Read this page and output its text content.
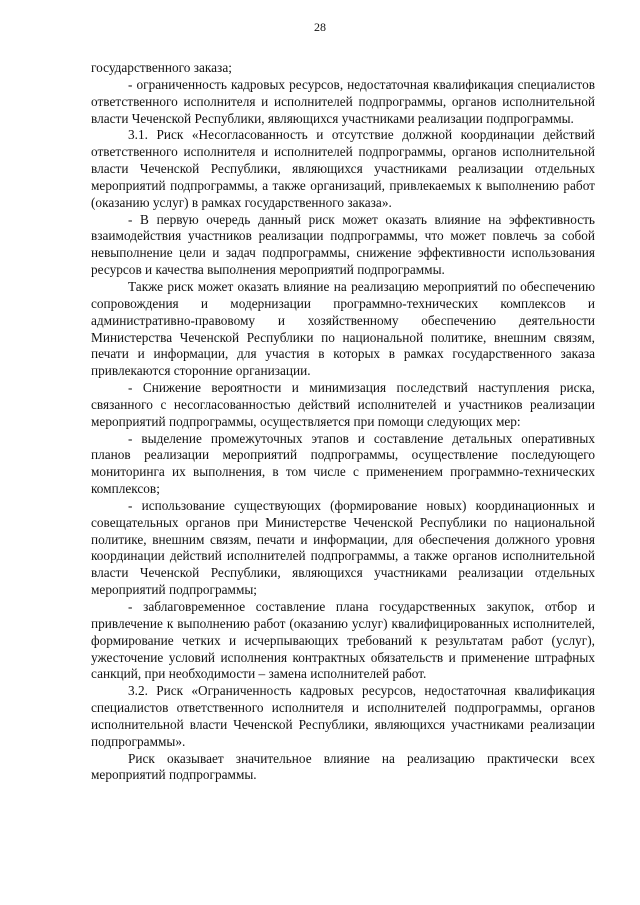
28

государственного заказа;

- ограниченность кадровых ресурсов, недостаточная квалификация специалистов ответственного исполнителя и исполнителей подпрограммы, органов исполнительной власти Чеченской Республики, являющихся участниками реализации подпрограммы.

3.1. Риск «Несогласованность и отсутствие должной координации действий ответственного исполнителя и исполнителей подпрограммы, органов исполнительной власти Чеченской Республики, являющихся участниками реализации отдельных мероприятий подпрограммы, а также организаций, привлекаемых к выполнению работ (оказанию услуг) в рамках государственного заказа».

- В первую очередь данный риск может оказать влияние на эффективность взаимодействия участников реализации подпрограммы, что может повлечь за собой невыполнение цели и задач подпрограммы, снижение эффективности использования ресурсов и качества выполнения мероприятий подпрограммы.

Также риск может оказать влияние на реализацию мероприятий по обеспечению сопровождения и модернизации программно-технических комплексов и административно-правовому и хозяйственному обеспечению деятельности Министерства Чеченской Республики по национальной политике, внешним связям, печати и информации, для участия в которых в рамках государственного заказа привлекаются сторонние организации.

- Снижение вероятности и минимизация последствий наступления риска, связанного с несогласованностью действий исполнителей и участников реализации мероприятий подпрограммы, осуществляется при помощи следующих мер:

- выделение промежуточных этапов и составление детальных оперативных планов реализации мероприятий подпрограммы, осуществление последующего мониторинга их выполнения, в том числе с применением программно-технических комплексов;

- использование существующих (формирование новых) координационных и совещательных органов при Министерстве Чеченской Республики по национальной политике, внешним связям, печати и информации, для обеспечения должного уровня координации действий исполнителей подпрограммы, а также органов исполнительной власти Чеченской Республики, являющихся участниками реализации отдельных мероприятий подпрограммы;

- заблаговременное составление плана государственных закупок, отбор и привлечение к выполнению работ (оказанию услуг) квалифицированных исполнителей, формирование четких и исчерпывающих требований к результатам работ (услуг), ужесточение условий исполнения контрактных обязательств и применение штрафных санкций, при необходимости – замена исполнителей работ.

3.2. Риск «Ограниченность кадровых ресурсов, недостаточная квалификация специалистов ответственного исполнителя и исполнителей подпрограммы, органов исполнительной власти Чеченской Республики, являющихся участниками реализации подпрограммы».

Риск оказывает значительное влияние на реализацию практически всех мероприятий подпрограммы.
